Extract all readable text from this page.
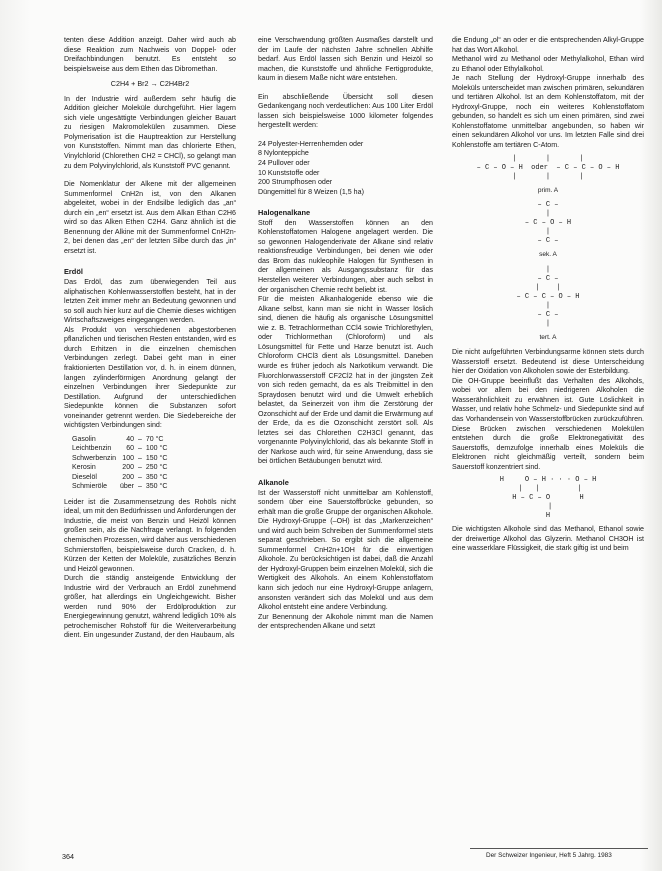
tenten diese Addition anzeigt. Daher wird auch ab diese Reaktion zum Nachweis von Doppel- oder Dreifachbindungen benutzt. Es entsteht so beispielsweise aus dem Ethen das Dibromethan.

C2H4 + Br2 → C2H4Br2

In der Industrie wird außerdem sehr häufig die Addition gleicher Moleküle durchgeführt. Hier lagern sich viele ungesättigte Verbindungen gleicher Bauart zu riesigen Makromolekülen zusammen. Diese Polymerisation ist die Hauptreaktion zur Herstellung von Kunststoffen. Nimmt man das chlorierte Ethen, Vinylchlorid (Chlorethen CH2 = CHCl), so gelangt man zu dem Polyvinylchlorid, als Kunststoff PVC genannt.

Die Nomenklatur der Alkene mit der allgemeinen Summenformel CnH2n ist, von den Alkanen abgeleitet, wobei in der Endsilbe lediglich das „an“ durch ein „en“ ersetzt ist. Aus dem Alkan Ethan C2H6 wird so das Alken Ethen C2H4. Ganz ähnlich ist die Benennung der Alkine mit der Summenformel CnH2n-2, bei denen das „en“ der letzten Silbe durch das „in“ ersetzt ist.

Erdöl

Das Erdöl, das zum überwiegenden Teil aus aliphatischen Kohlenwasserstoffen besteht, hat in der letzten Zeit immer mehr an Bedeutung gewonnen und so soll auch hier kurz auf die Chemie dieses wichtigen Wirtschaftszweiges eingegangen werden.

Als Produkt von verschiedenen abgestorbenen pflanzlichen und tierischen Resten entstanden, wird es durch Erhitzen in die einzelnen chemischen Verbindungen zerlegt. Dabei geht man in einer fraktionierten Destillation vor, d. h. in einem dünnen, langen zylinderförmigen Anordnung gelangt der einzelnen Verbindungen ihrer Siedepunkte zur Destillation. Aufgrund der unterschiedlichen Siedepunkte können die Substanzen sofort voneinander getrennt werden. Die Siedebereiche der wichtigsten Verbindungen sind:

Gasolin	40	–	70 °C
Leichtbenzin	60	–	100 °C
Schwerbenzin	100	–	150 °C
Kerosin	200	–	250 °C
Dieselöl	200	–	350 °C
Schmieröle	über	–	350 °C

Leider ist die Zusammensetzung des Rohöls nicht ideal, um mit den Bedürfnissen und Anforderungen der Industrie, die meist von Benzin und Heizöl können großen sein, als die Nachfrage verlangt. In folgenden chemischen Prozessen, wird daher aus verschiedenen Schmierstoffen, beispielsweise durch Cracken, d. h. Kürzen der Ketten der Moleküle, zusätzliches Benzin und Heizöl gewonnen.

Durch die ständig ansteigende Entwicklung der Industrie wird der Verbrauch an Erdöl zunehmend größer, hat allerdings ein Ungleichgewicht. Bisher werden rund 90% der Erdölproduktion zur Energiegewinnung genutzt, während lediglich 10% als petrochemischer Rohstoff für die Weiterverarbeitung dient. Ein ungesunder Zustand, der den Haubaum, als

eine Verschwendung größten Ausmaßes darstellt und der im Laufe der nächsten Jahre schnellen Abhilfe bedarf. Aus Erdöl lassen sich Benzin und Heizöl so machen, die Kunststoffe und ähnliche Fertigprodukte, kaum in diesem Maße nicht wäre entstehen.

Ein abschließende Übersicht soll diesen Gedankengang noch verdeutlichen: Aus 100 Liter Erdöl lassen sich beispielsweise 1000 kilometer folgendes hergestellt werden:

24 Polyester-Herrenhemden oder
8 Nylonteppiche
24 Pullover oder
10 Kunststoffe oder
200 Strumpfhosen oder
Düngemittel für 8 Weizen (1,5 ha)
Halogenalkane

Stoff den Wasserstoffen können an den Kohlenstoffatomen Halogene angelagert werden. Die so gewonnen Halogenderivate der Alkane sind relativ reaktionsfreudige Verbindungen, bei denen wie oder das Brom das nukleophile Halogen für Synthesen in der allgemeinen als Ausgangssubstanz für das Herstellen weiterer Verbindungen, aber auch selbst in der organischen Chemie recht beliebt ist.

Für die meisten Alkanhalogenide ebenso wie die Alkane selbst, kann man sie nicht in Wasser löslich sind, dienen die häufig als organische Lösungsmittel wie z. B. Tetrachlormethan CCl4 sowie Trichlorethylen, oder Trichlormethan (Chloroform) und als Lösungsmittel für Fette und Harze benutzt ist. Auch Chloroform CHCl3 dient als Lösungsmittel. Daneben wurde es früher jedoch als Narkotikum verwandt. Die Fluorchlorwasserstoff CF2Cl2 hat in der jüngsten Zeit von sich reden gemacht, da es als Treibmittel in den Spraydosen benutzt wird und die Umwelt erheblich belastet, da Seinerzeit von ihm die Zerstörung der Ozonschicht auf der Erde und damit die Erwärmung auf der Erde, da es die Ozonschicht zerstört soll. Als letztes sei das Chlorethen C2H3Cl genannt, das vorgenannte Polyvinylchlorid, das als bekannte Stoff in der Narkose auch wird, für seine Anwendung, dass sie bei örtlichen Betäubungen benutzt wird.

Alkanole

Ist der Wasserstoff nicht unmittelbar am Kohlenstoff, sondern über eine Sauerstoffbrücke gebunden, so erhält man die große Gruppe der organischen Alkohole. Die Hydroxyl-Gruppe (–OH) ist das „Markenzeichen“ und wird auch beim Schreiben der Summenformel stets separat geschrieben. So ergibt sich die allgemeine Summenformel CnH2n+1OH für die einwertigen Alkohole. Zu berücksichtigen ist dabei, daß die Anzahl der Hydroxyl-Gruppen beim einzelnen Molekül, sich die Wertigkeit des Alkohols. An einem Kohlenstoffatom kann sich jedoch nur eine Hydroxyl-Gruppe anlagern, ansonsten verändert sich das Molekül und aus dem Alkohol entsteht eine andere Verbindung.

Zur Benennung der Alkohole nimmt man die Namen der entsprechenden Alkane und setzt

die Endung „ol“ an oder er die entsprechenden Alkyl-Gruppe hat das Wort Alkohol.

Methanol wird zu Methanol oder Methylalkohol, Ethan wird zu Ethanol oder Ethylalkohol.

Je nach Stellung der Hydroxyl-Gruppe innerhalb des Moleküls unterscheidet man zwischen primären, sekundären und tertiären Alkohol. Ist an dem Kohlenstoffatom, mit der Hydroxyl-Gruppe, noch ein weiteres Kohlenstoffatom gebunden, so handelt es sich um einen primären, sind zwei Kohlenstoffatome unmittelbar angebunden, so haben wir einen sekundären Alkohol vor uns. Im letzten Falle sind drei Kohlenstoffe am tertiären C-Atom.

|       |       |
– C – O – H  oder  – C – C – O – H
|       |       |
prim. A
– C –
|
– C – O – H
|
– C –
sek. A
|
– C –
|    |
– C – C – O – H
|
– C –
|
tert. A

Die nicht aufgeführten Verbindungsarme können stets durch Wasserstoff ersetzt. Bedeutend ist diese Unterscheidung hier der Oxidation von Alkoholen sowie der Esterbildung.

Die OH-Gruppe beeinflußt das Verhalten des Alkohols, wobei vor allem bei den niedrigeren Alkoholen die Wasserähnlichkeit zu erwähnen ist. Gute Löslichkeit in Wasser, und relativ hohe Schmelz- und Siedepunkte sind auf das Vorhandensein von Wasserstoffbrücken zurückzuführen. Diese Brücken zwischen verschiedenen Molekülen entstehen durch die große Elektronegativität des Sauerstoffs, demzufolge innerhalb eines Moleküls die Elektronen nicht gleichmäßig verteilt, sondern beim Sauerstoff konzentriert sind.

H     O – H · · · O – H
|   |         |
H – C – O       H
|
H

Die wichtigsten Alkohole sind das Methanol, Ethanol sowie der dreiwertige Alkohol das Glyzerin. Methanol CH3OH ist eine wasserklare Flüssigkeit, die stark giftig ist und beim

364	Der Schweizer Ingenieur, Heft 5 Jahrg. 1983
